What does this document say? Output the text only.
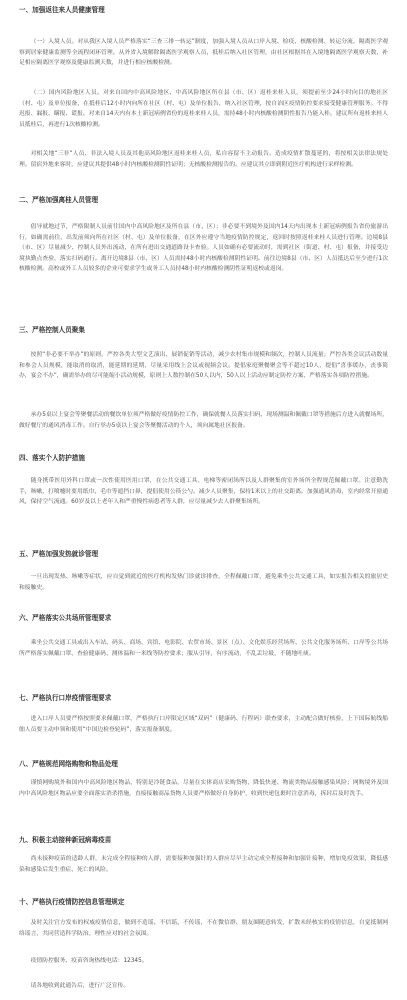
一、加强返往来人员健康管理

（一）入境人员。对从我区入境人员严格落实“三查三排一转运”制度，加强入境人员从口岸入境、检疫、核酸检测、转运分流、隔离医学观察到居家健康监测等全流程闭环管理。从外省入境解除隔离医学观察人员，抵桂后纳入社区管理，由社区根据其在入境地隔离医学观察天数，补足相应隔离医学观察及健康监测天数，并进行相应核酸检测。

（二）国内风险地区人员。对来自国内中高风险地区、中高风险地区所在县（市、区）返桂来桂人员，须提前至少24小时向目的地社区（村、屯）及单位报备，在抵桂后12小时内向所在社区（村、屯）及单位报告，纳入社区管理，按自治区疫情防控要求接受健康管理服务。不得迟报、漏报、瞒报、谎报。对来自14天内有本土新冠病例省份的返桂来桂人员，需持48小时内核酸检测阴性报告乃能入桂。建议所有返桂来桂人员抵桂后，再进行1次核酸检测。

对相关地“三非”人员、非法入境人员及其他高风险地区返桂来桂人员，私自容留不主动报告、造成疫情扩散蔓延的，将按相关法律法规处理。留宿外地来客时，应建议其提供48小时内核酸检测阴性证明；无核酸检测报告的，应建议其立即到附近医疗机构进行采样检测。

二、严格加强离桂人员管理

倡导就地过节，严格限制人员前往国内中高风险地区及所在县（市、区）；非必要不到境外及国内14天内出现本土新冠病例报告省份旅游出行，如确需前往，出发前须向所在社区（村、屯）及单位报备，在区外应遵守当地疫情防控规定，返回时按照返桂来桂人员进行管理。边境8县（市、区）尽量减少、控制人员外出流动，在所有进出交通道路设卡查验。人员如确有必要流动时，需到社区（街道、村、屯）报备，并接受边境执勤点查验，落实扫码通行。离开边境8县（市、区）人员需持48小时内核酸检测阴性证明。前往边境8县（市、区）人员抵达后至少进行1次核酸检测。高校或外工人员较多的企业可要求学生或务工人员持48小时内核酸检测阴性证明返校或返岗。

三、严格控制人员聚集

按照“非必要不举办”的原则，严控各类大型文艺演出、展销促销等活动，减少农村集市规模和频次，控制人员流量；严控各类会议活动数量和参会人员规模，能取消的取消，能延期的延期，尽量采用线上会议或视频会议。提倡家庭聚餐聚会等不超过10人，提倡“喜事缓办，丧事简办，宴会不办”，确需举办的尽可能缩小活动规模，原则上人数控制在50人以内，50人以上活动应制定防控方案，严格落实各项防控措施。

承办5桌以上宴会等聚餐活动的餐饮单位须严格做好疫情防控工作，确保就餐人员落实扫码、现场测温和佩戴口罩等措施后方进入就餐场所，做好餐厅的通风消毒工作。自行举办5桌以上宴会等聚餐活动的个人，须向属地社区报备。

四、落实个人防护措施

随身携带医用外科口罩或一次性使用医用口罩，在公共交通工具、电梯等密闭场所以及人群聚集的室外场所全程规范佩戴口罩。注意勤洗手，咳嗽、打喷嚏时要用纸巾、毛巾等遮挡口鼻，提倡使用公筷公勺。减少人员聚集，保持1米以上的社交距离。加强通风消毒，室内经常开窗通风，保持空气流通。60岁及以上老年人和严重慢性病患者等人群，应尽量减少去人群聚集场所。

五、严格加强发热就诊管理

一旦出现发热、咳嗽等症状，应自觉到就近的医疗机构发热门诊就诊排查，全程佩戴口罩，避免乘坐公共交通工具，如实报告相关的旅居史和接触史。

六、严格落实公共场所管理要求

乘坐公共交通工具或出入车站、码头、商场、宾馆、电影院、农贸市场、景区（点）、文化娱乐经营场所、公共文化服务场所、口岸等公共场所严格落实佩戴口罩、查验健康码、测体温和一米线等防控要求；服从引导，有序流动，不乱丢垃圾，不随地吐痰。

七、严格执行口岸疫情管理要求

进入口岸人员要严格按照要求佩戴口罩，严格执行口岸限定区域“双码”（健康码、行程码）联查要求，主动配合做好核验，上下国际航线船舶人员要主动申领和使用“中国边检登轮码”，落实报备制度。

八、严格规范网络购物和物品处理

谨慎网购境外和国内中高风险地区物品，特别是冷链食品，尽量在实体商店采购货物，降低快递、物流类物品接触感染风险；网购境外及国内中高风险地区物品应要全面落实消杀措施，直接接触商品货物人员要严格做好自身防护，收到快递包裹时注意消毒，拆封后及时洗手。

九、积极主动接种新冠病毒疫苗

尚未接种疫苗的适龄人群，未完成全程接种的人群，需要接种加强针的人群应尽早主动完成全程接种和加强针接种，增加免疫效果，降低感染和感染后发生重症、死亡的风险。

十、严格执行疫情防控信息管理规定

及时关注官方发布的权威疫情信息，做到不造谣、不信谣、不传谣，不在微信群、朋友圈随意转发，扩散未经核实的疫情信息，自觉抵制网络谣言，共同营造科学防治、理性应对的社会氛围。

疫情防控服务、疫苗咨询热线电话：12345。

请各地收到此通告后，进行广泛宣传。
